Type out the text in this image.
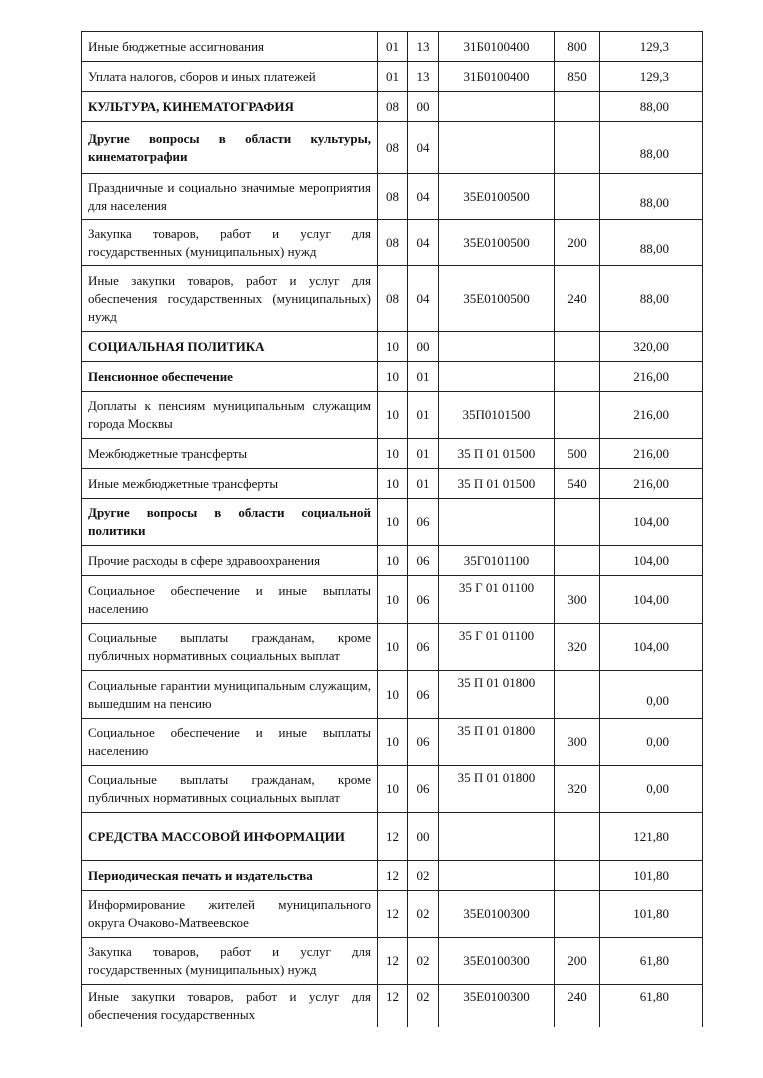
Иные бюджетные ассигнования	01	13	31Б0100400	800	129,3
Уплата налогов, сборов и иных платежей	01	13	31Б0100400	850	129,3
КУЛЬТУРА, КИНЕМАТОГРАФИЯ	08	00			88,00
Другие вопросы в области культуры, кинематографии	08	04			88,00
Праздничные и социально значимые мероприятия для населения	08	04	35Е0100500		88,00
Закупка товаров, работ и услуг для государственных (муниципальных) нужд	08	04	35Е0100500	200	88,00
Иные закупки товаров, работ и услуг для обеспечения государственных (муниципальных) нужд	08	04	35Е0100500	240	88,00
СОЦИАЛЬНАЯ ПОЛИТИКА	10	00			320,00
Пенсионное обеспечение	10	01			216,00
Доплаты к пенсиям муниципальным служащим города Москвы	10	01	35П0101500		216,00
Межбюджетные трансферты	10	01	35 П 01 01500	500	216,00
Иные межбюджетные трансферты	10	01	35 П 01 01500	540	216,00
Другие вопросы в области социальной политики	10	06			104,00
Прочие расходы в сфере здравоохранения	10	06	35Г0101100		104,00
Социальное обеспечение и иные выплаты населению	10	06	35 Г 01 01100	300	104,00
Социальные выплаты гражданам, кроме публичных нормативных социальных выплат	10	06	35 Г 01 01100	320	104,00
Социальные гарантии муниципальным служащим, вышедшим на пенсию	10	06	35 П 01 01800		0,00
Социальное обеспечение и иные выплаты населению	10	06	35 П 01 01800	300	0,00
Социальные выплаты гражданам, кроме публичных нормативных социальных выплат	10	06	35 П 01 01800	320	0,00
СРЕДСТВА МАССОВОЙ ИНФОРМАЦИИ	12	00			121,80
Периодическая печать и издательства	12	02			101,80
Информирование жителей муниципального округа Очаково-Матвеевское	12	02	35Е0100300		101,80
Закупка товаров, работ и услуг для государственных (муниципальных) нужд	12	02	35Е0100300	200	61,80
Иные закупки товаров, работ и услуг для обеспечения государственных	12	02	35Е0100300	240	61,80
